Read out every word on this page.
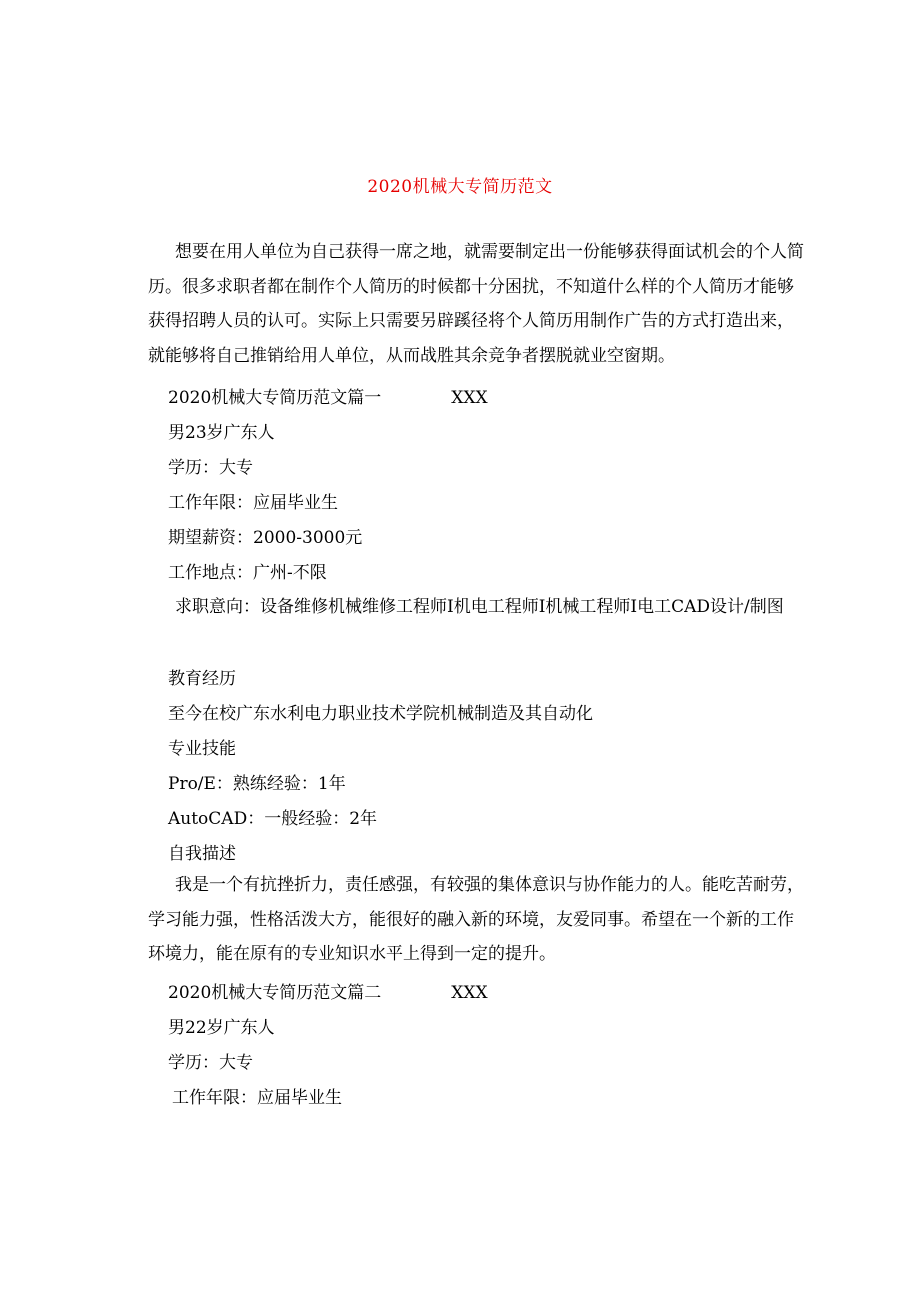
2020机械大专简历范文

想要在用人单位为自己获得一席之地，就需要制定出一份能够获得面试机会的个人简历。很多求职者都在制作个人简历的时候都十分困扰，不知道什么样的个人简历才能够获得招聘人员的认可。实际上只需要另辟蹊径将个人简历用制作广告的方式打造出来，就能够将自己推销给用人单位，从而战胜其余竞争者摆脱就业空窗期。

2020机械大专简历范文篇一	XXX
男23岁广东人
学历：大专
工作年限：应届毕业生
期望薪资：2000-3000元
工作地点：广州-不限

求职意向：设备维修机械维修工程师I机电工程师I机械工程师I电工CAD设计/制图

教育经历
至今在校广东水利电力职业技术学院机械制造及其自动化
专业技能
Pro/E：熟练经验：1年
AutoCAD：一般经验：2年
自我描述

我是一个有抗挫折力，责任感强，有较强的集体意识与协作能力的人。能吃苦耐劳，学习能力强，性格活泼大方，能很好的融入新的环境，友爱同事。希望在一个新的工作环境力，能在原有的专业知识水平上得到一定的提升。

2020机械大专简历范文篇二	XXX
男22岁广东人
学历：大专
工作年限：应届毕业生
